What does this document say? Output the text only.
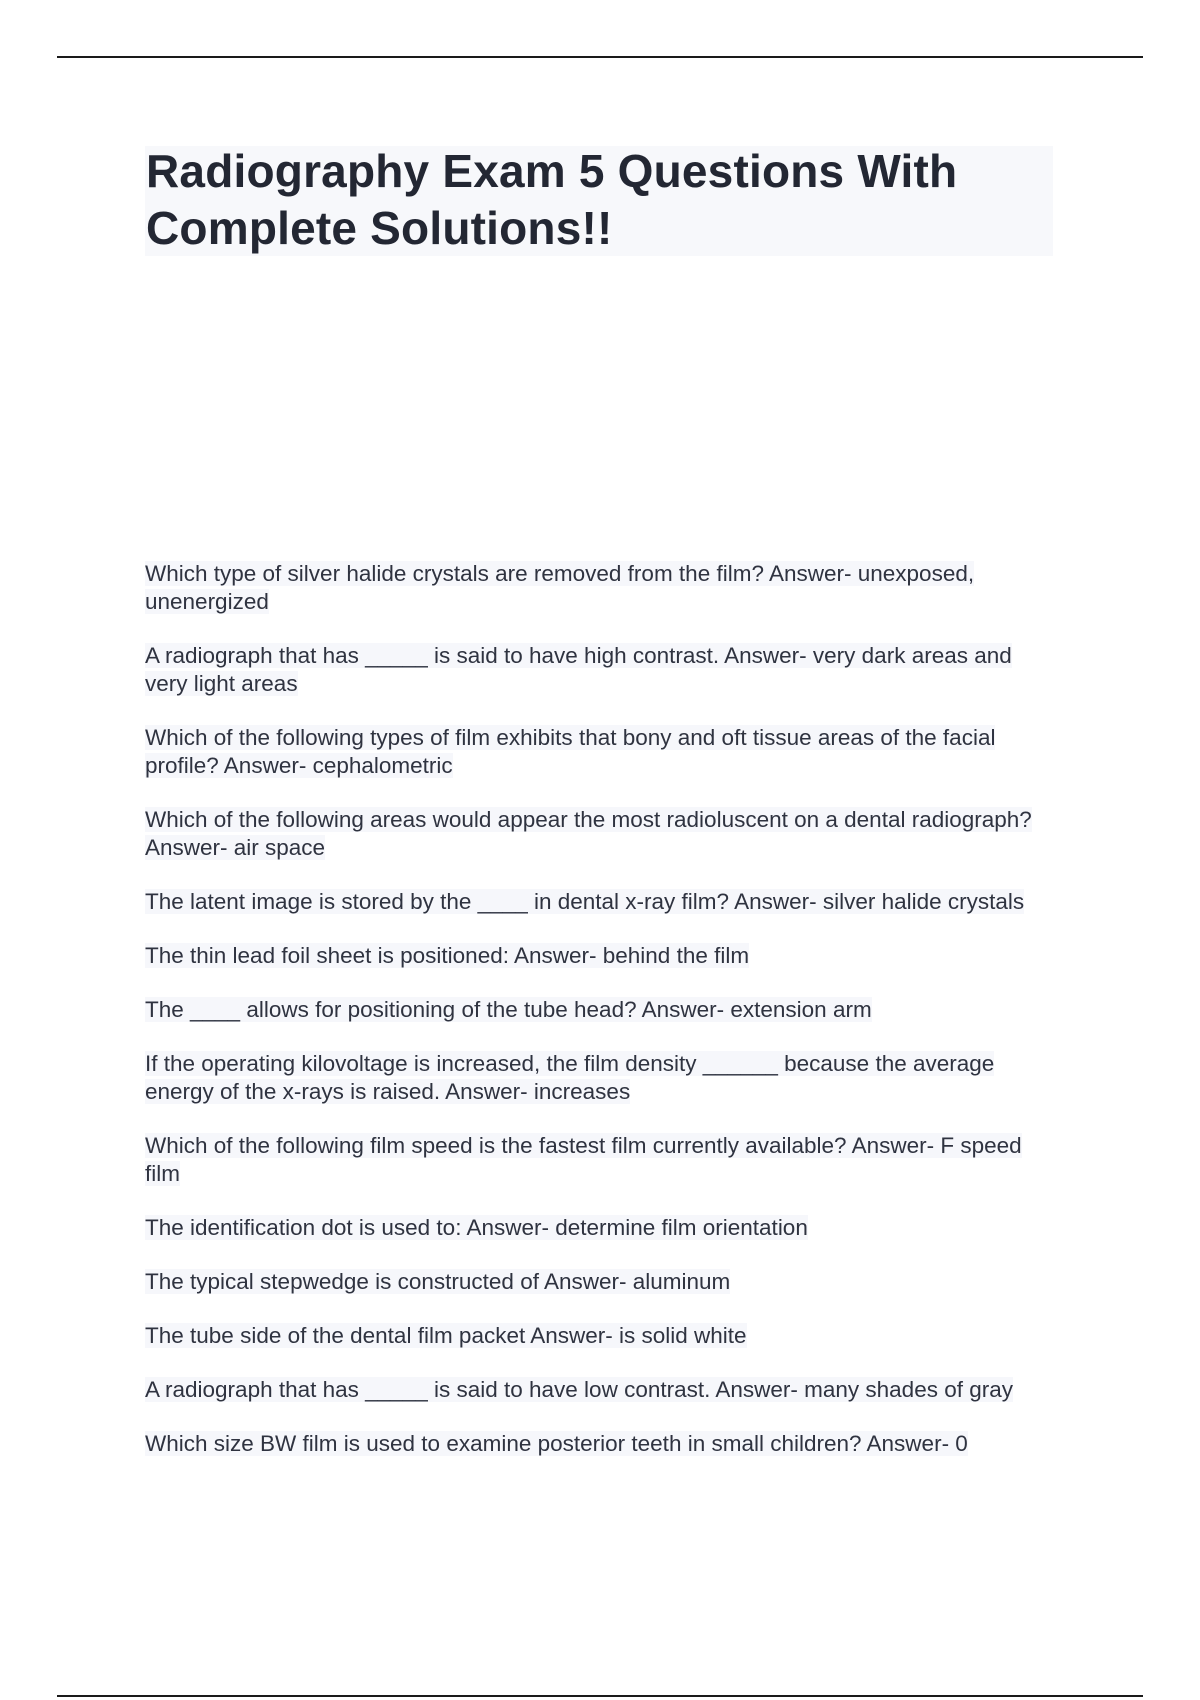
Radiography Exam 5 Questions With Complete Solutions!!

Which type of silver halide crystals are removed from the film? Answer- unexposed, unenergized

A radiograph that has _____ is said to have high contrast. Answer- very dark areas and very light areas

Which of the following types of film exhibits that bony and oft tissue areas of the facial profile? Answer- cephalometric

Which of the following areas would appear the most radioluscent on a dental radiograph? Answer- air space

The latent image is stored by the ____ in dental x-ray film? Answer- silver halide crystals

The thin lead foil sheet is positioned: Answer- behind the film

The ____ allows for positioning of the tube head? Answer- extension arm

If the operating kilovoltage is increased, the film density ______ because the average energy of the x-rays is raised. Answer- increases

Which of the following film speed is the fastest film currently available? Answer- F speed film

The identification dot is used to: Answer- determine film orientation

The typical stepwedge is constructed of Answer- aluminum

The tube side of the dental film packet Answer- is solid white

A radiograph that has _____ is said to have low contrast. Answer- many shades of gray

Which size BW film is used to examine posterior teeth in small children? Answer- 0
